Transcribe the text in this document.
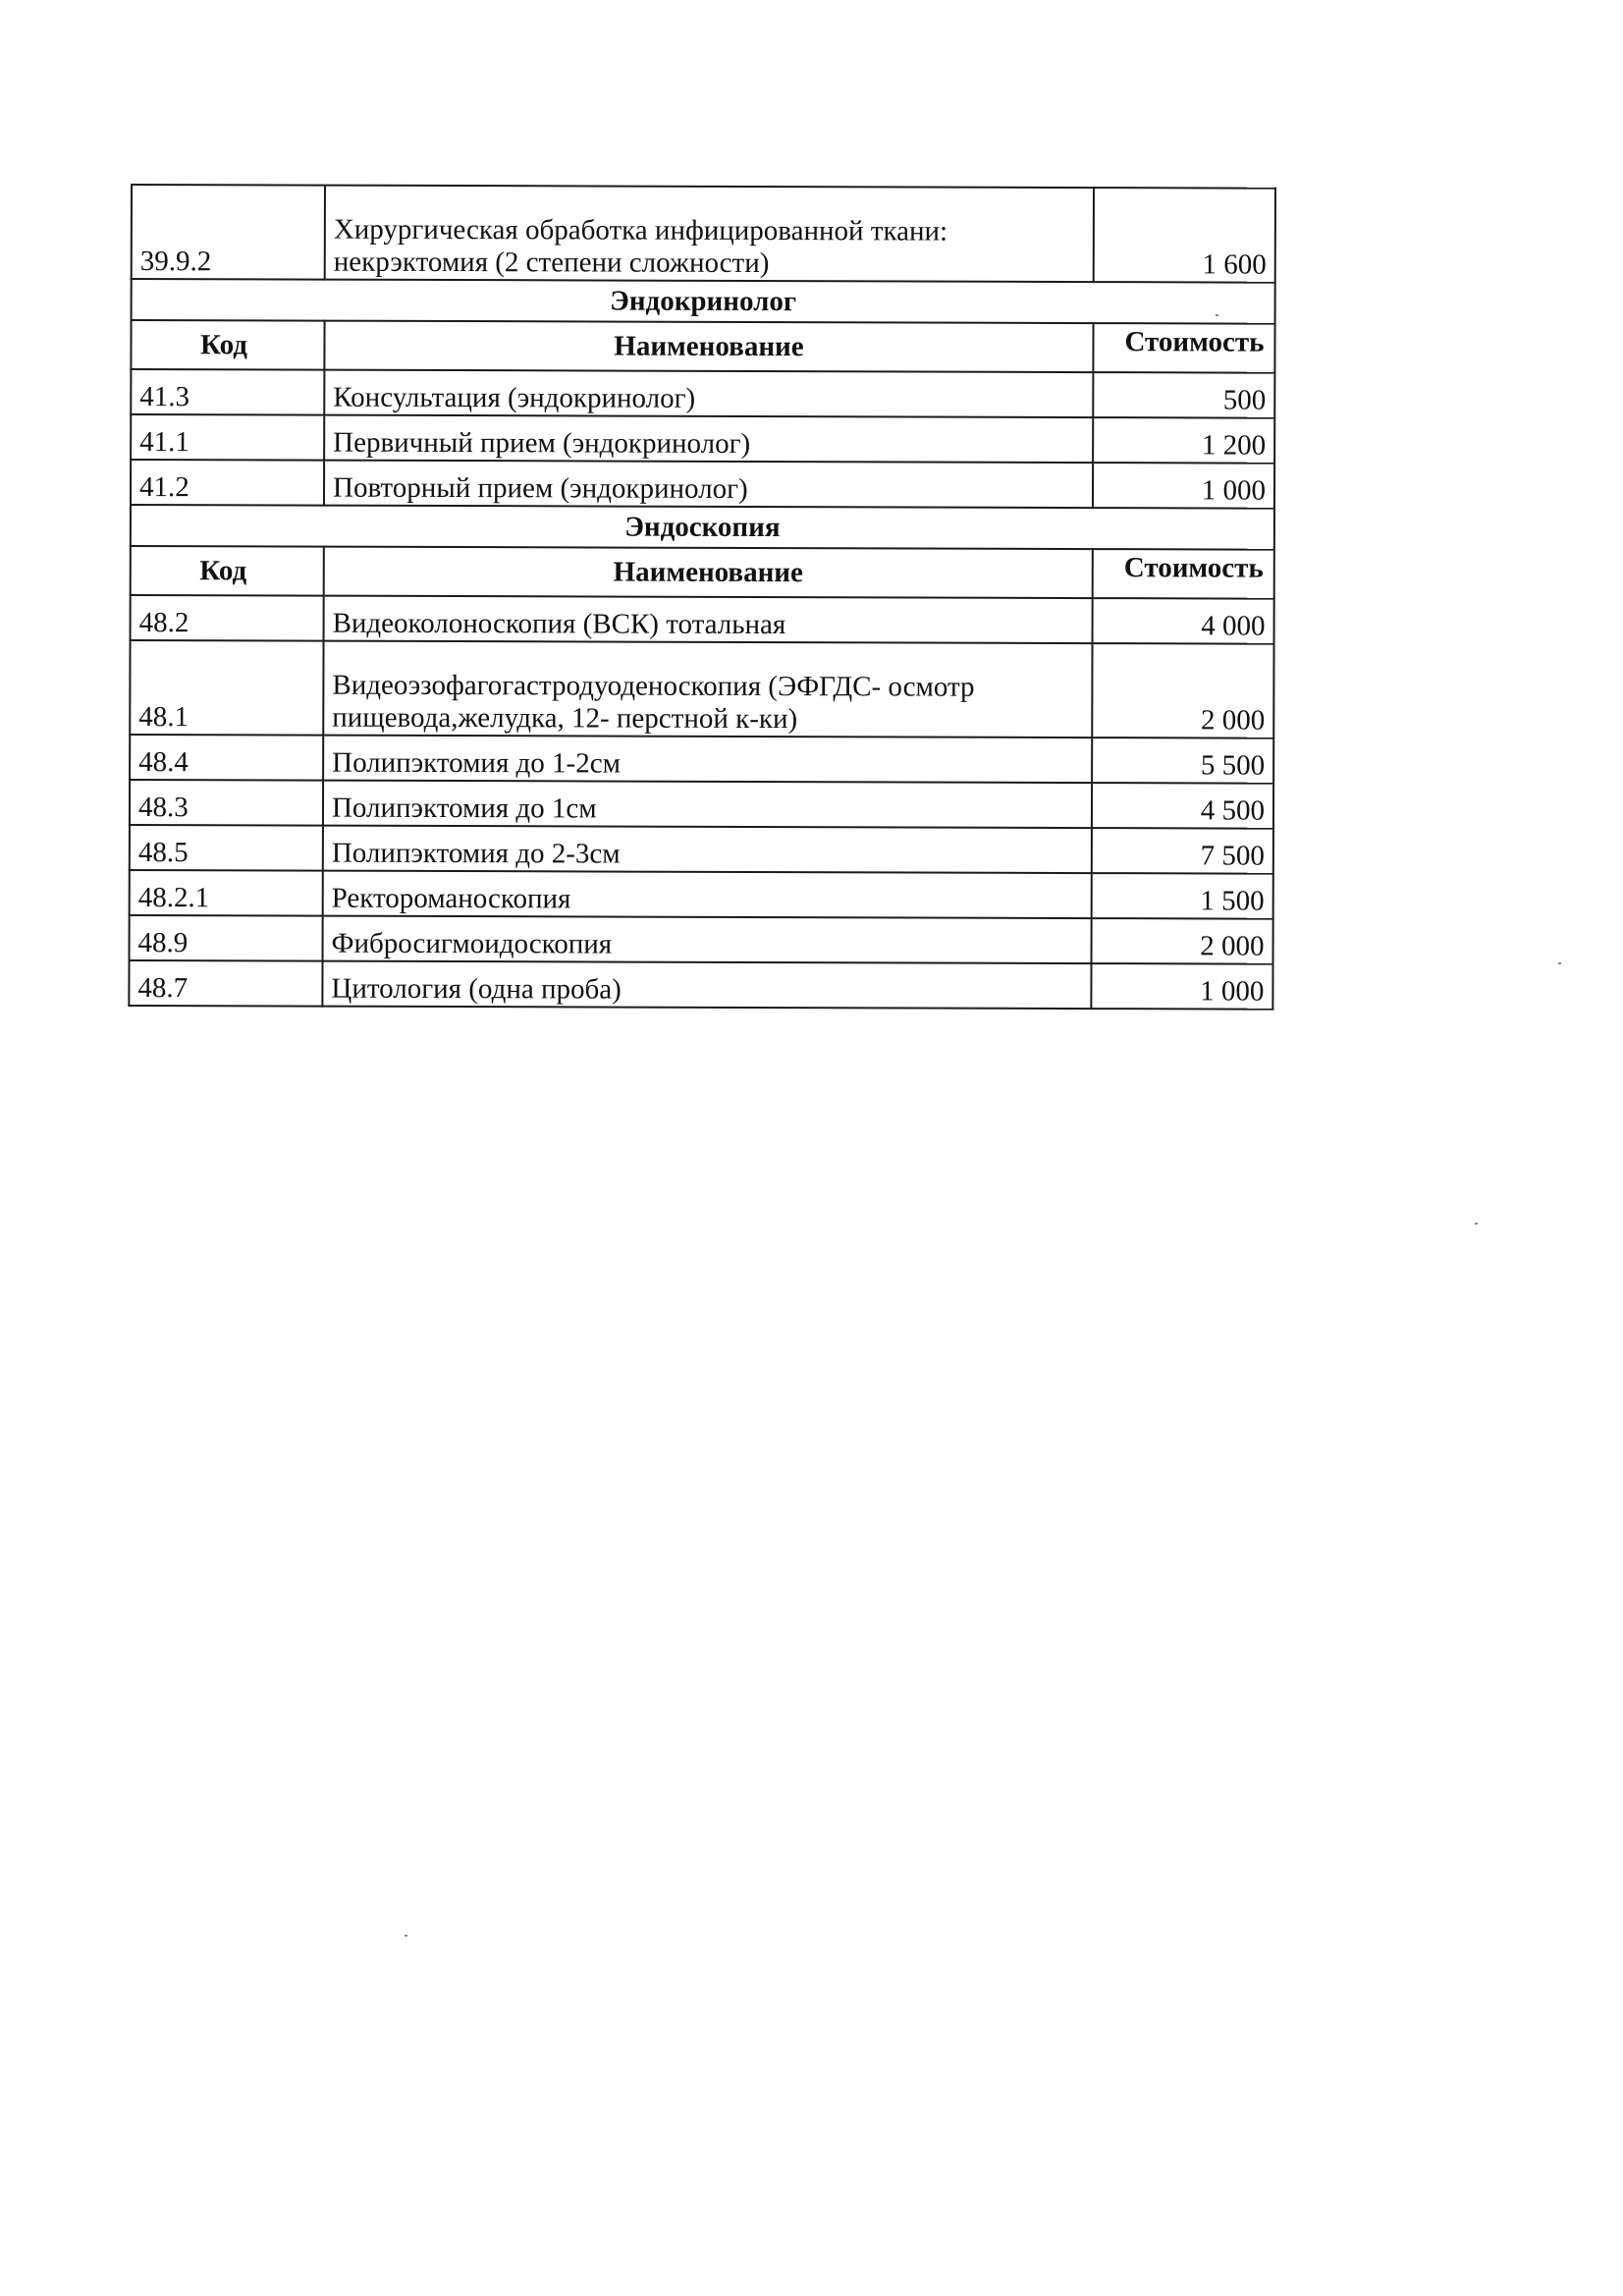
39.9.2	Хирургическая обработка инфицированной ткани:
некрэктомия (2 степени сложности)	1 600
Эндокринолог		
Код	Наименование	Стоимость
41.3	Консультация (эндокринолог)	500
41.1	Первичный прием (эндокринолог)	1 200
41.2	Повторный прием (эндокринолог)	1 000
Эндоскопия		
Код	Наименование	Стоимость
48.2	Видеоколоноскопия (ВСК) тотальная	4 000
48.1	Видеоэзофагогастродуоденоскопия (ЭФГДС- осмотр
пищевода,желудка, 12- перстной к-ки)	2 000
48.4	Полипэктомия до 1-2см	5 500
48.3	Полипэктомия до 1см	4 500
48.5	Полипэктомия до 2-3см	7 500
48.2.1	Ректороманоскопия	1 500
48.9	Фибросигмоидоскопия	2 000
48.7	Цитология (одна проба)	1 000
